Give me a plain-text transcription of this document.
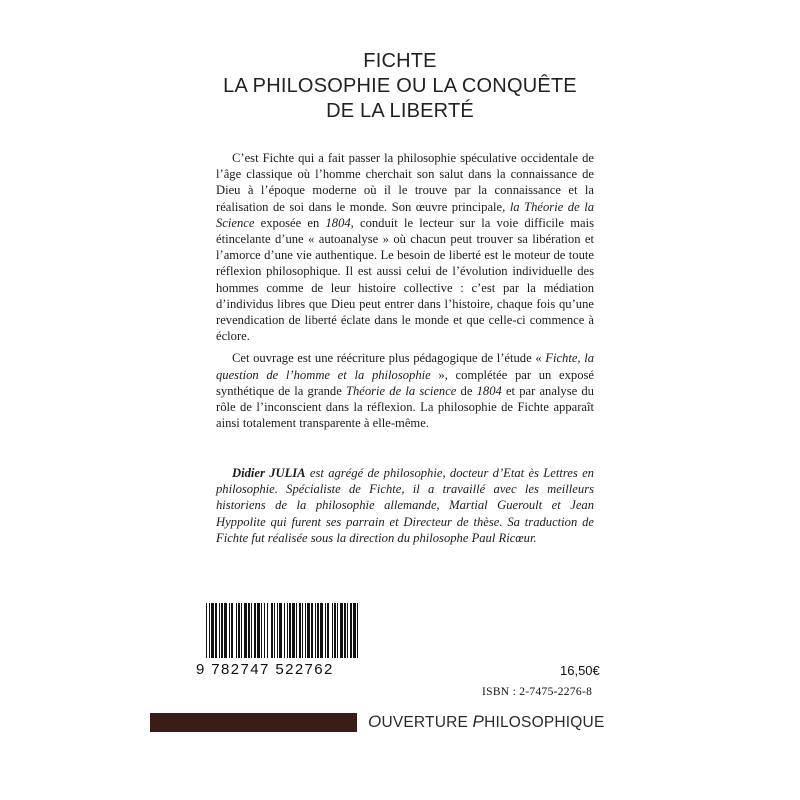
FICHTE
LA PHILOSOPHIE OU LA CONQUÊTE
DE LA LIBERTÉ

C’est Fichte qui a fait passer la philosophie spéculative occidentale de l’âge classique où l’homme cherchait son salut dans la connaissance de Dieu à l’époque moderne où il le trouve par la connaissance et la réalisation de soi dans le monde. Son œuvre principale, la Théorie de la Science exposée en 1804, conduit le lecteur sur la voie difficile mais étincelante d’une « autoanalyse » où chacun peut trouver sa libération et l’amorce d’une vie authentique. Le besoin de liberté est le moteur de toute réflexion philosophique. Il est aussi celui de l’évolution individuelle des hommes comme de leur histoire collective : c’est par la médiation d’individus libres que Dieu peut entrer dans l’histoire, chaque fois qu’une revendication de liberté éclate dans le monde et que celle-ci commence à éclore.

Cet ouvrage est une réécriture plus pédagogique de l’étude « Fichte, la question de l’homme et la philosophie », complétée par un exposé synthétique de la grande Théorie de la science de 1804 et par analyse du rôle de l’inconscient dans la réflexion. La philosophie de Fichte apparaît ainsi totalement transparente à elle-même.

Didier JULIA est agrégé de philosophie, docteur d’Etat ès Lettres en philosophie. Spécialiste de Fichte, il a travaillé avec les meilleurs historiens de la philosophie allemande, Martial Gueroult et Jean Hyppolite qui furent ses parrain et Directeur de thèse. Sa traduction de Fichte fut réalisée sous la direction du philosophe Paul Ricœur.
9 782747 522762	16,50€
ISBN : 2-7475-2276-8
OUVERTURE PHILOSOPHIQUE
